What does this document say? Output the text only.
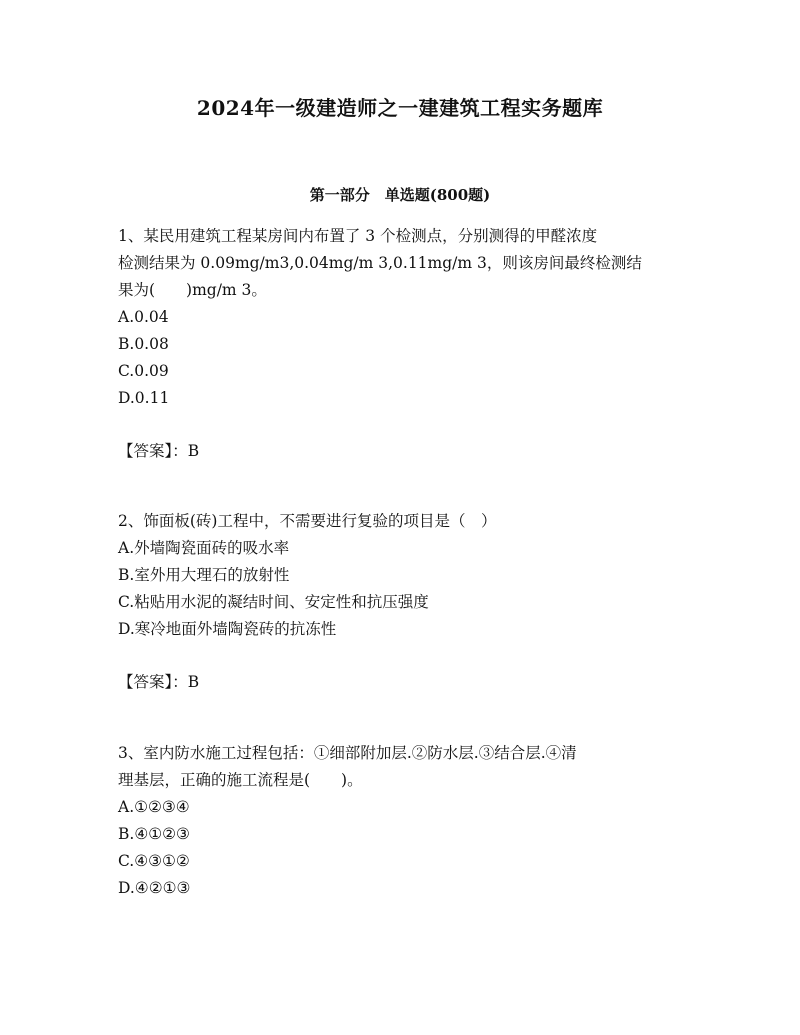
2024年一级建造师之一建建筑工程实务题库
第一部分　单选题(800题)
1、某民用建筑工程某房间内布置了 3 个检测点，分别测得的甲醛浓度
检测结果为 0.09mg/m3,0.04mg/m 3,0.11mg/m 3，则该房间最终检测结
果为(　　)mg/m 3。
A.0.04
B.0.08
C.0.09
D.0.11
【答案】：B
2、饰面板(砖)工程中，不需要进行复验的项目是（　）
A.外墙陶瓷面砖的吸水率
B.室外用大理石的放射性
C.粘贴用水泥的凝结时间、安定性和抗压强度
D.寒冷地面外墙陶瓷砖的抗冻性
【答案】：B
3、室内防水施工过程包括：①细部附加层.②防水层.③结合层.④清
理基层，正确的施工流程是(　　)。
A.①②③④
B.④①②③
C.④③①②
D.④②①③
